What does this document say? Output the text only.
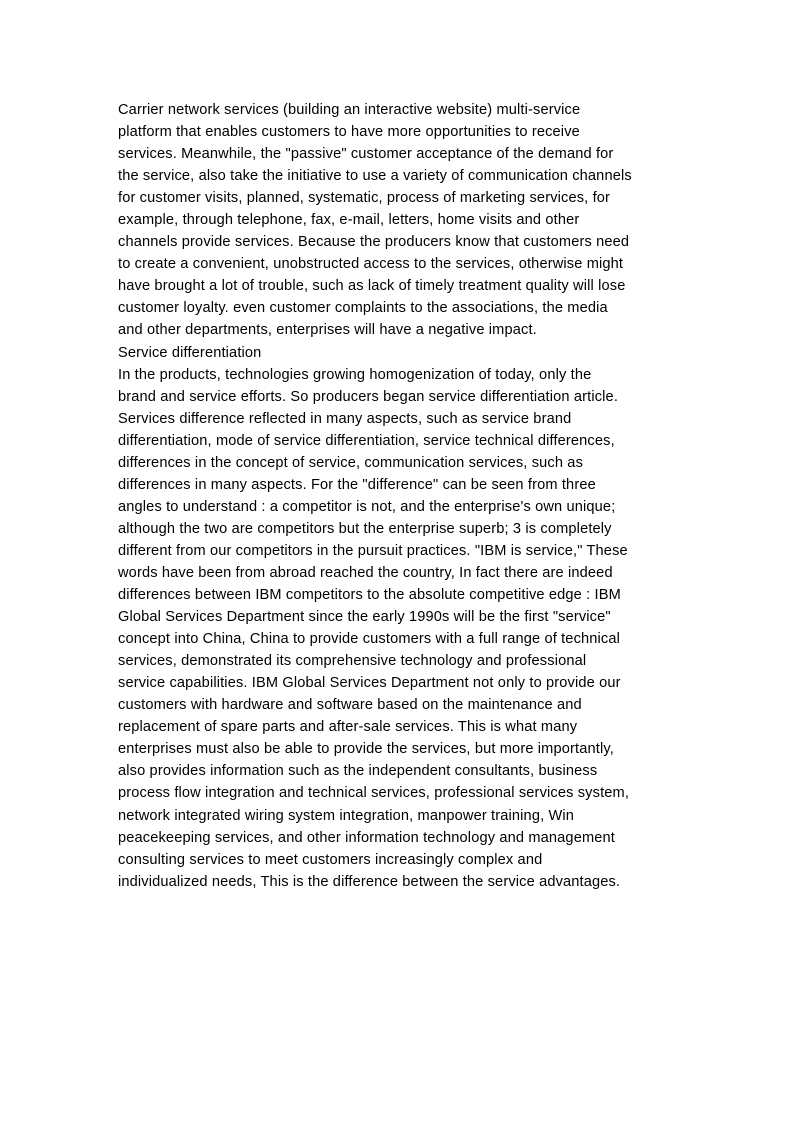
Carrier network services (building an interactive website) multi-service

platform that enables customers to have more opportunities to receive

services. Meanwhile, the "passive" customer acceptance of the demand for

the service, also take the initiative to use a variety of communication channels

for customer visits, planned, systematic, process of marketing services, for

example, through telephone, fax, e-mail, letters, home visits and other

channels provide services. Because the producers know that customers need

to create a convenient, unobstructed access to the services, otherwise might

have brought a lot of trouble, such as lack of timely treatment quality will lose

customer loyalty. even customer complaints to the associations, the media

and other departments, enterprises will have a negative impact.

Service differentiation

In the products, technologies growing homogenization of today, only the

brand and service efforts. So producers began service differentiation article.

Services difference reflected in many aspects, such as service brand

differentiation, mode of service differentiation, service technical differences,

differences in the concept of service, communication services, such as

differences in many aspects. For the "difference" can be seen from three

angles to understand : a competitor is not, and the enterprise's own unique;

although the two are competitors but the enterprise superb; 3 is completely

different from our competitors in the pursuit practices. "IBM is service," These

words have been from abroad reached the country, In fact there are indeed

differences between IBM competitors to the absolute competitive edge : IBM

Global Services Department since the early 1990s will be the first "service"

concept into China, China to provide customers with a full range of technical

services, demonstrated its comprehensive technology and professional

service capabilities. IBM Global Services Department not only to provide our

customers with hardware and software based on the maintenance and

replacement of spare parts and after-sale services. This is what many

enterprises must also be able to provide the services, but more importantly,

also provides information such as the independent consultants, business

process flow integration and technical services, professional services system,

network integrated wiring system integration, manpower training, Win

peacekeeping services, and other information technology and management

consulting services to meet customers increasingly complex and

individualized needs, This is the difference between the service advantages.
